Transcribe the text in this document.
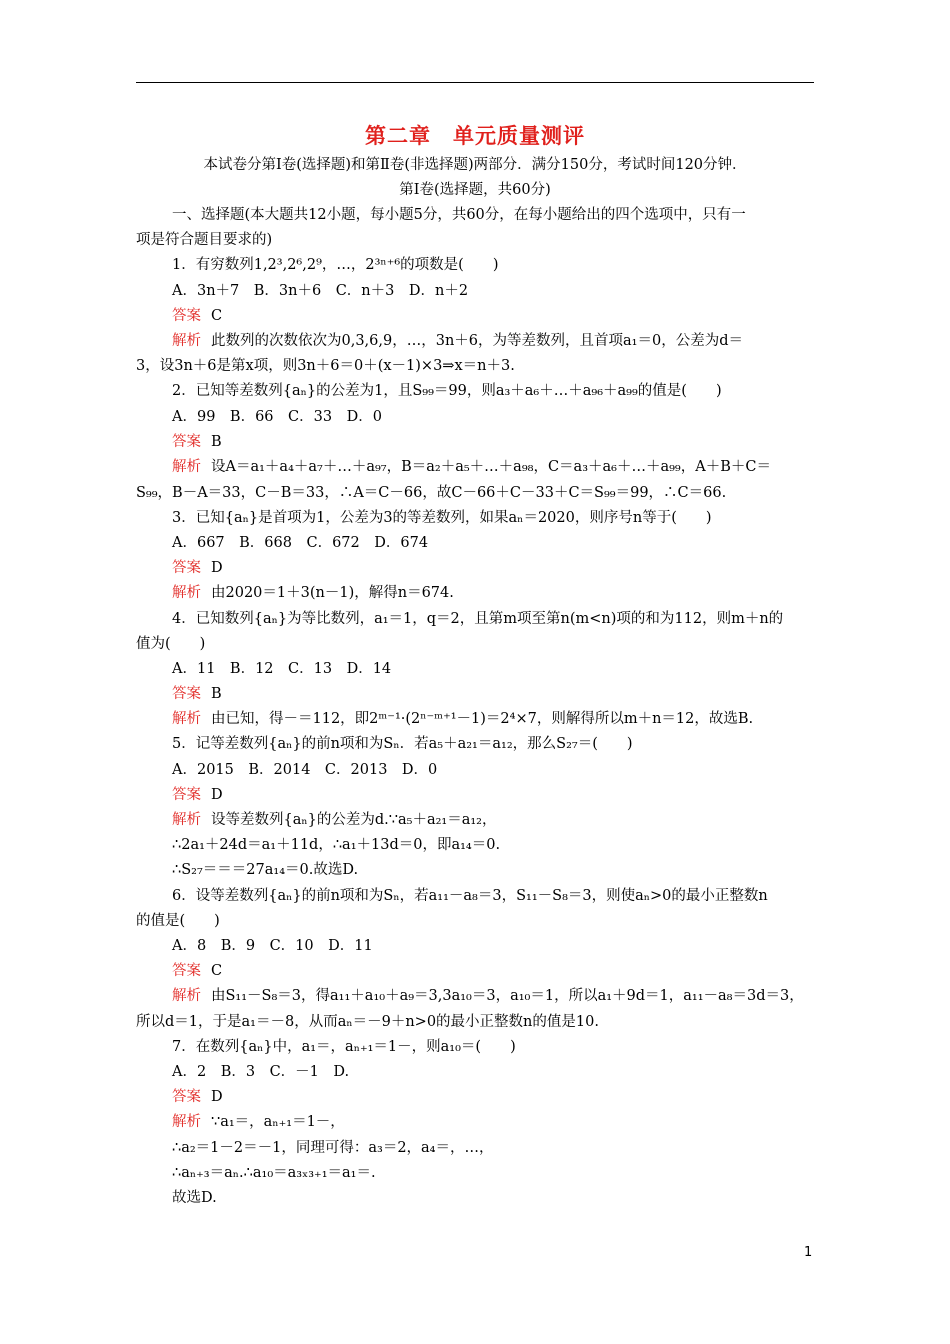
第二章　单元质量测评
本试卷分第Ⅰ卷(选择题)和第Ⅱ卷(非选择题)两部分．满分150分，考试时间120分钟．
第Ⅰ卷(选择题，共60分)
一、选择题(本大题共12小题，每小题5分，共60分，在每小题给出的四个选项中，只有一
项是符合题目要求的)
1．有穷数列1,2³,2⁶,2⁹，…，2³ⁿ⁺⁶的项数是(　　)
A．3n＋7　B．3n＋6　C．n＋3　D．n＋2
答案 C
解析 此数列的次数依次为0,3,6,9，…，3n＋6，为等差数列，且首项a₁＝0，公差为d＝
3，设3n＋6是第x项，则3n＋6＝0＋(x－1)×3⇒x＝n＋3.
2．已知等差数列{aₙ}的公差为1，且S₉₉＝99，则a₃＋a₆＋…＋a₉₆＋a₉₉的值是(　　)
A．99　B．66　C．33　D．0
答案 B
解析 设A＝a₁＋a₄＋a₇＋…＋a₉₇，B＝a₂＋a₅＋…＋a₉₈，C＝a₃＋a₆＋…＋a₉₉，A＋B＋C＝
S₉₉，B－A＝33，C－B＝33，∴A＝C－66，故C－66＋C－33＋C＝S₉₉＝99，∴C＝66.
3．已知{aₙ}是首项为1，公差为3的等差数列，如果aₙ＝2020，则序号n等于(　　)
A．667　B．668　C．672　D．674
答案 D
解析 由2020＝1＋3(n－1)，解得n＝674.
4．已知数列{aₙ}为等比数列，a₁＝1，q＝2，且第m项至第n(m<n)项的和为112，则m＋n的
值为(　　)
A．11　B．12　C．13　D．14
答案 B
解析 由已知，得－＝112，即2ᵐ⁻¹·(2ⁿ⁻ᵐ⁺¹－1)＝2⁴×7，则解得所以m＋n＝12，故选B.
5．记等差数列{aₙ}的前n项和为Sₙ．若a₅＋a₂₁＝a₁₂，那么S₂₇＝(　　)
A．2015　B．2014　C．2013　D．0
答案 D
解析 设等差数列{aₙ}的公差为d.∵a₅＋a₂₁＝a₁₂，
∴2a₁＋24d＝a₁＋11d，∴a₁＋13d＝0，即a₁₄＝0.
∴S₂₇＝＝＝27a₁₄＝0.故选D.
6．设等差数列{aₙ}的前n项和为Sₙ，若a₁₁－a₈＝3，S₁₁－S₈＝3，则使aₙ>0的最小正整数n
的值是(　　)
A．8　B．9　C．10　D．11
答案 C
解析 由S₁₁－S₈＝3，得a₁₁＋a₁₀＋a₉＝3,3a₁₀＝3，a₁₀＝1，所以a₁＋9d＝1，a₁₁－a₈＝3d＝3，
所以d＝1，于是a₁＝－8，从而aₙ＝－9＋n>0的最小正整数n的值是10.
7．在数列{aₙ}中，a₁＝，aₙ₊₁＝1－，则a₁₀＝(　　)
A．2　B．3　C．－1　D.
答案 D
解析 ∵a₁＝，aₙ₊₁＝1－，
∴a₂＝1－2＝－1，同理可得：a₃＝2，a₄＝，…，
∴aₙ₊₃＝aₙ.∴a₁₀＝a₃ₓ₃₊₁＝a₁＝.
故选D.
1
